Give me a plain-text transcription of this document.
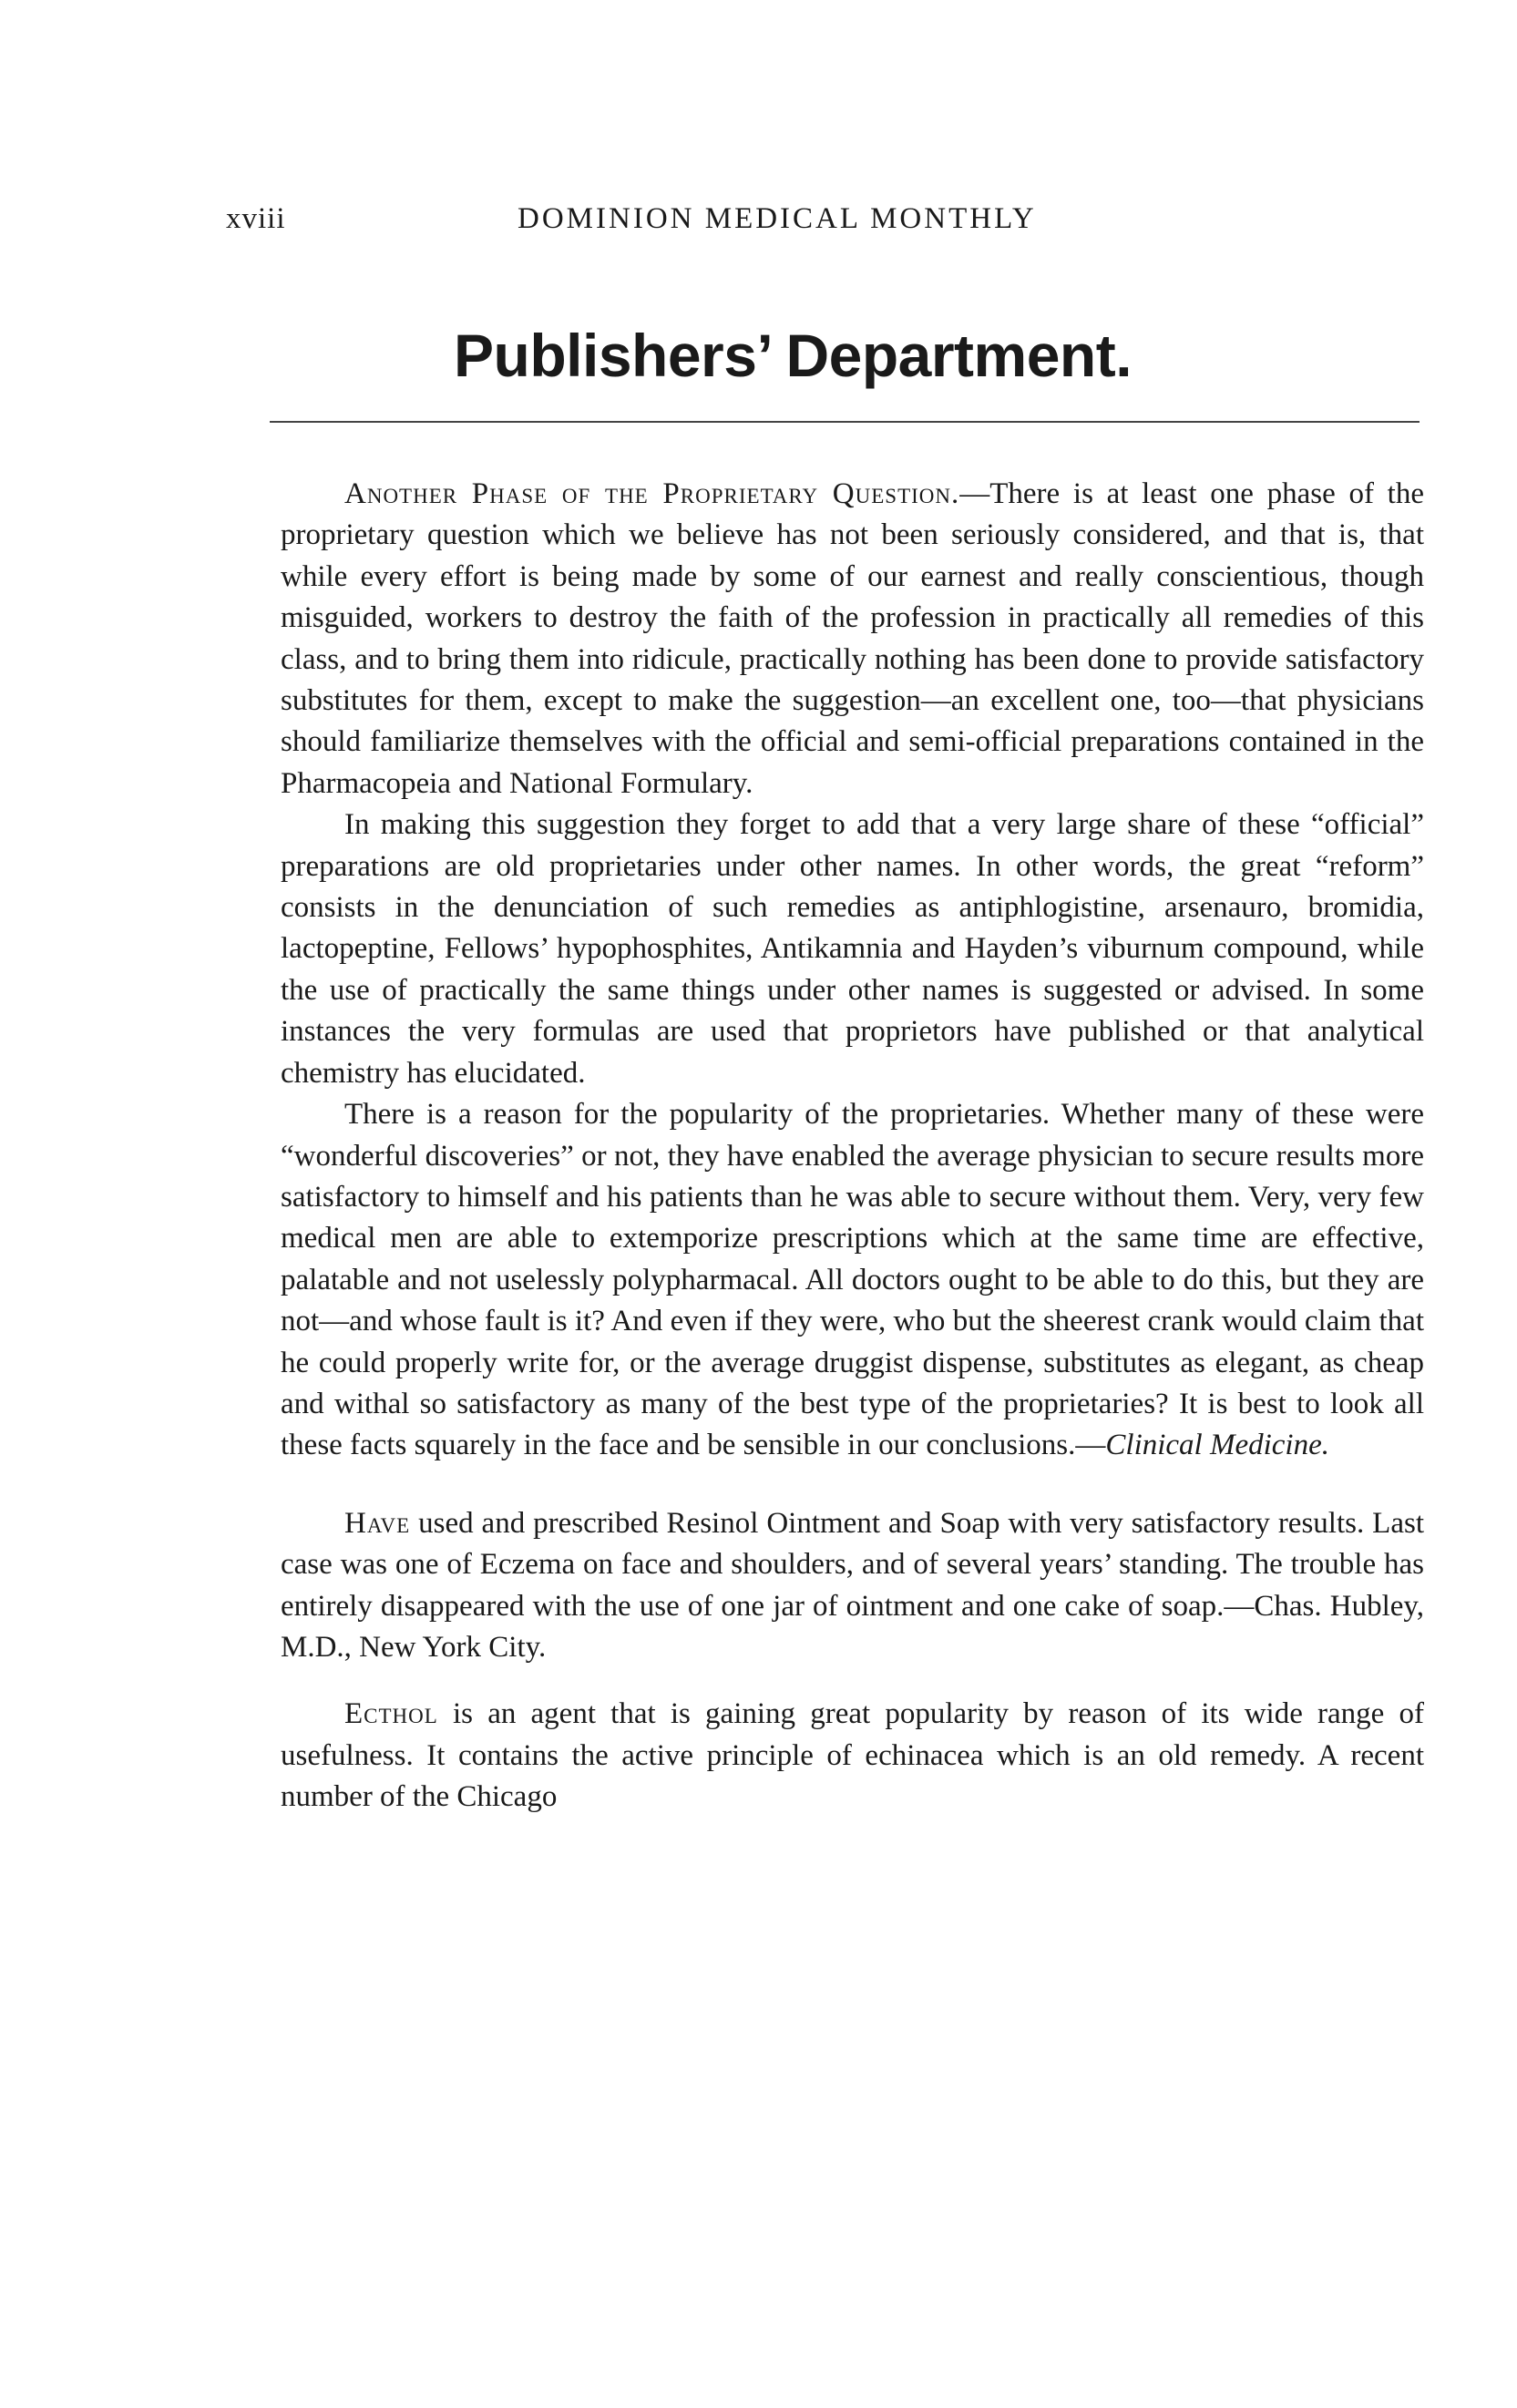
xviii	DOMINION MEDICAL MONTHLY
Publishers’ Department.

Another Phase of the Proprietary Question.—There is at least one phase of the proprietary question which we believe has not been seriously considered, and that is, that while every effort is being made by some of our earnest and really conscientious, though misguided, workers to destroy the faith of the profession in practically all remedies of this class, and to bring them into ridicule, practically nothing has been done to provide satisfactory substitutes for them, except to make the suggestion—an excellent one, too—that physicians should familiarize themselves with the official and semi-official preparations contained in the Pharmacopeia and National Formulary.

In making this suggestion they forget to add that a very large share of these “official” preparations are old proprietaries under other names. In other words, the great “reform” consists in the denunciation of such remedies as antiphlogistine, arsenauro, bromidia, lactopeptine, Fellows’ hypophosphites, Antikamnia and Hayden’s viburnum compound, while the use of practically the same things under other names is suggested or advised. In some instances the very formulas are used that proprietors have published or that analytical chemistry has elucidated.

There is a reason for the popularity of the proprietaries. Whether many of these were “wonderful discoveries” or not, they have enabled the average physician to secure results more satisfactory to himself and his patients than he was able to secure without them. Very, very few medical men are able to extemporize prescriptions which at the same time are effective, palatable and not uselessly polypharmacal. All doctors ought to be able to do this, but they are not—and whose fault is it? And even if they were, who but the sheerest crank would claim that he could properly write for, or the average druggist dispense, substitutes as elegant, as cheap and withal so satisfactory as many of the best type of the proprietaries? It is best to look all these facts squarely in the face and be sensible in our conclusions.—Clinical Medicine.

Have used and prescribed Resinol Ointment and Soap with very satisfactory results. Last case was one of Eczema on face and shoulders, and of several years’ standing. The trouble has entirely disappeared with the use of one jar of ointment and one cake of soap.—Chas. Hubley, M.D., New York City.

Ecthol is an agent that is gaining great popularity by reason of its wide range of usefulness. It contains the active principle of echinacea which is an old remedy. A recent number of the Chicago
